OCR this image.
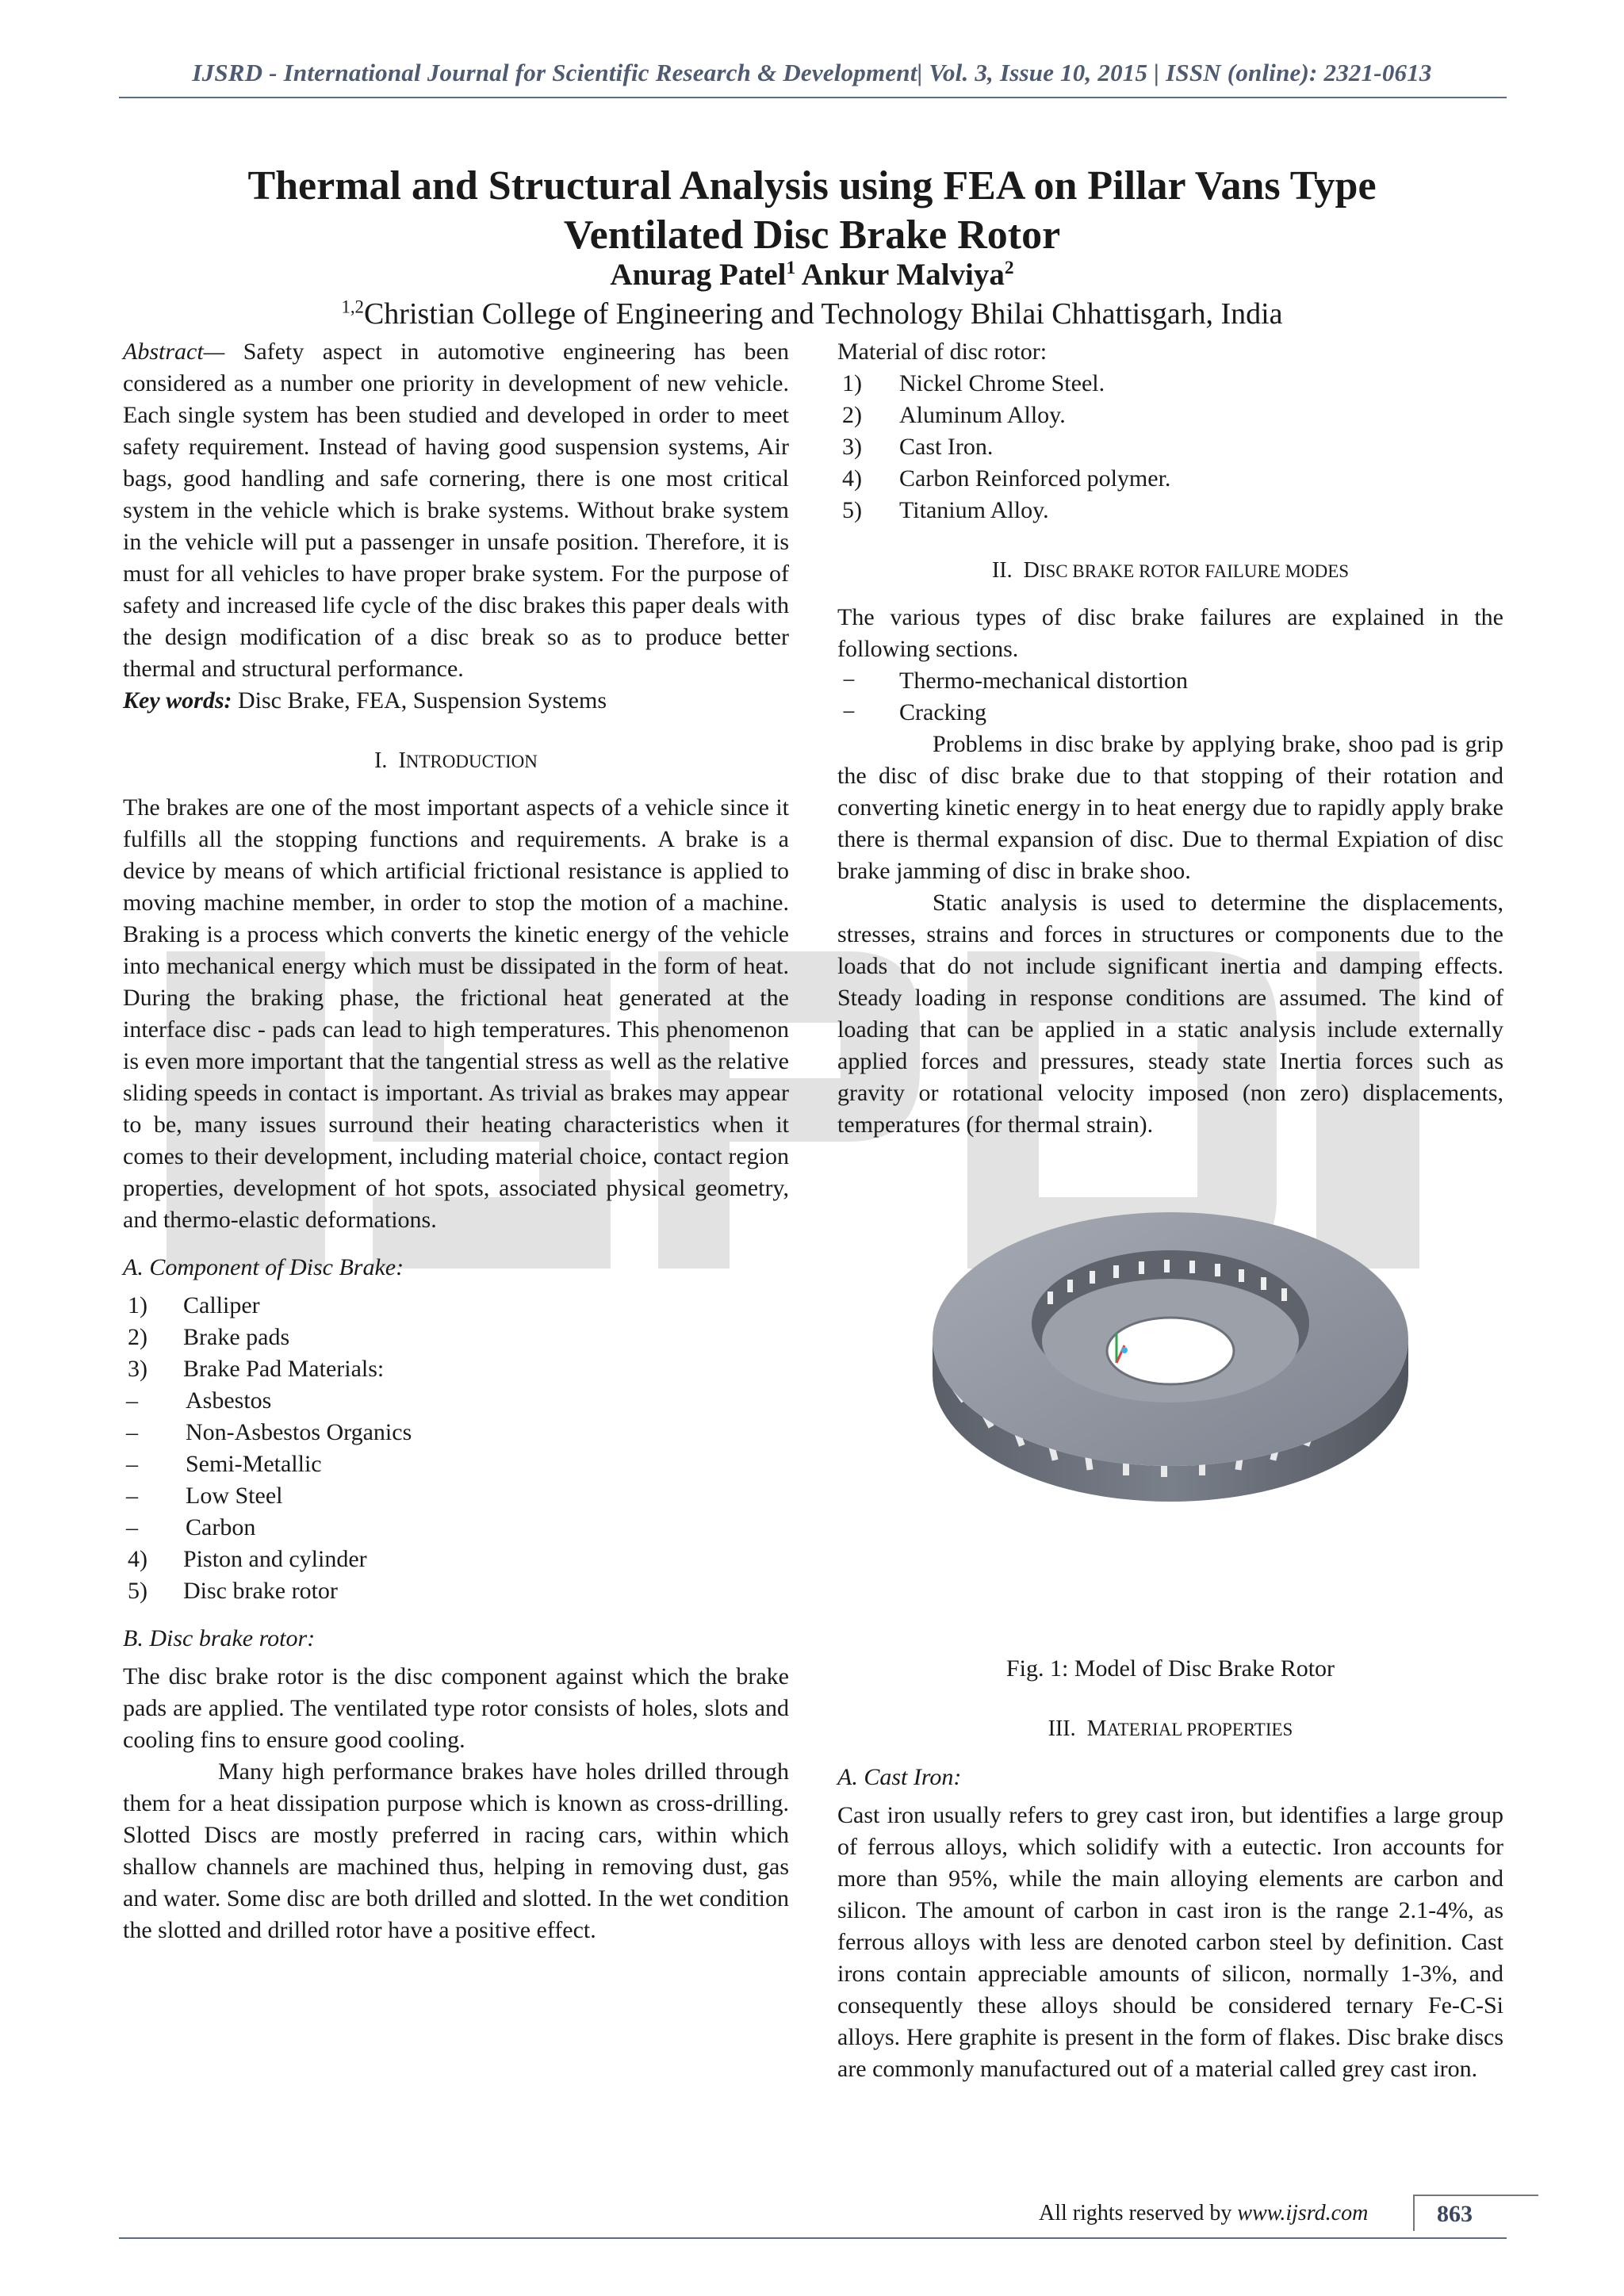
IJSRD - International Journal for Scientific Research & Development| Vol. 3, Issue 10, 2015 | ISSN (online): 2321-0613
Thermal and Structural Analysis using FEA on Pillar Vans Type
Ventilated Disc Brake Rotor
Anurag Patel$^1$ Ankur Malviya$^2$
$^{1,2}$Christian College of Engineering and Technology Bhilai Chhattisgarh, India

Abstract— Safety aspect in automotive engineering has been considered as a number one priority in development of new vehicle. Each single system has been studied and developed in order to meet safety requirement. Instead of having good suspension systems, Air bags, good handling and safe cornering, there is one most critical system in the vehicle which is brake systems. Without brake system in the vehicle will put a passenger in unsafe position. Therefore, it is must for all vehicles to have proper brake system. For the purpose of safety and increased life cycle of the disc brakes this paper deals with the design modification of a disc break so as to produce better thermal and structural performance.

Key words: Disc Brake, FEA, Suspension Systems

I. INTRODUCTION

The brakes are one of the most important aspects of a vehicle since it fulfills all the stopping functions and requirements. A brake is a device by means of which artificial frictional resistance is applied to moving machine member, in order to stop the motion of a machine. Braking is a process which converts the kinetic energy of the vehicle into mechanical energy which must be dissipated in the form of heat. During the braking phase, the frictional heat generated at the interface disc - pads can lead to high temperatures. This phenomenon is even more important that the tangential stress as well as the relative sliding speeds in contact is important. As trivial as brakes may appear to be, many issues surround their heating characteristics when it comes to their development, including material choice, contact region properties, development of hot spots, associated physical geometry, and thermo-elastic deformations.

A. Component of Disc Brake:
1)	Calliper
2)	Brake pads
3)	Brake Pad Materials:
–	Asbestos
–	Non-Asbestos Organics
–	Semi-Metallic
–	Low Steel
–	Carbon
4)	Piston and cylinder
5)	Disc brake rotor
B. Disc brake rotor:

The disc brake rotor is the disc component against which the brake pads are applied. The ventilated type rotor consists of holes, slots and cooling fins to ensure good cooling.

Many high performance brakes have holes drilled through them for a heat dissipation purpose which is known as cross-drilling. Slotted Discs are mostly preferred in racing cars, within which shallow channels are machined thus, helping in removing dust, gas and water. Some disc are both drilled and slotted. In the wet condition the slotted and drilled rotor have a positive effect.

Material of disc rotor:

1)	Nickel Chrome Steel.
2)	Aluminum Alloy.
3)	Cast Iron.
4)	Carbon Reinforced polymer.
5)	Titanium Alloy.
II. DISC BRAKE ROTOR FAILURE MODES

The various types of disc brake failures are explained in the following sections.

−	Thermo-mechanical distortion
−	Cracking

Problems in disc brake by applying brake, shoo pad is grip the disc of disc brake due to that stopping of their rotation and converting kinetic energy in to heat energy due to rapidly apply brake there is thermal expansion of disc. Due to thermal Expiation of disc brake jamming of disc in brake shoo.

Static analysis is used to determine the displacements, stresses, strains and forces in structures or components due to the loads that do not include significant inertia and damping effects. Steady loading in response conditions are assumed. The kind of loading that can be applied in a static analysis include externally applied forces and pressures, steady state Inertia forces such as gravity or rotational velocity imposed (non zero) displacements, temperatures (for thermal strain).

Fig. 1: Model of Disc Brake Rotor
III. MATERIAL PROPERTIES
A. Cast Iron:

Cast iron usually refers to grey cast iron, but identifies a large group of ferrous alloys, which solidify with a eutectic. Iron accounts for more than 95%, while the main alloying elements are carbon and silicon. The amount of carbon in cast iron is the range 2.1-4%, as ferrous alloys with less are denoted carbon steel by definition. Cast irons contain appreciable amounts of silicon, normally 1-3%, and consequently these alloys should be considered ternary Fe-C-Si alloys. Here graphite is present in the form of flakes. Disc brake discs are commonly manufactured out of a material called grey cast iron.

All rights reserved by www.ijsrd.com	863
